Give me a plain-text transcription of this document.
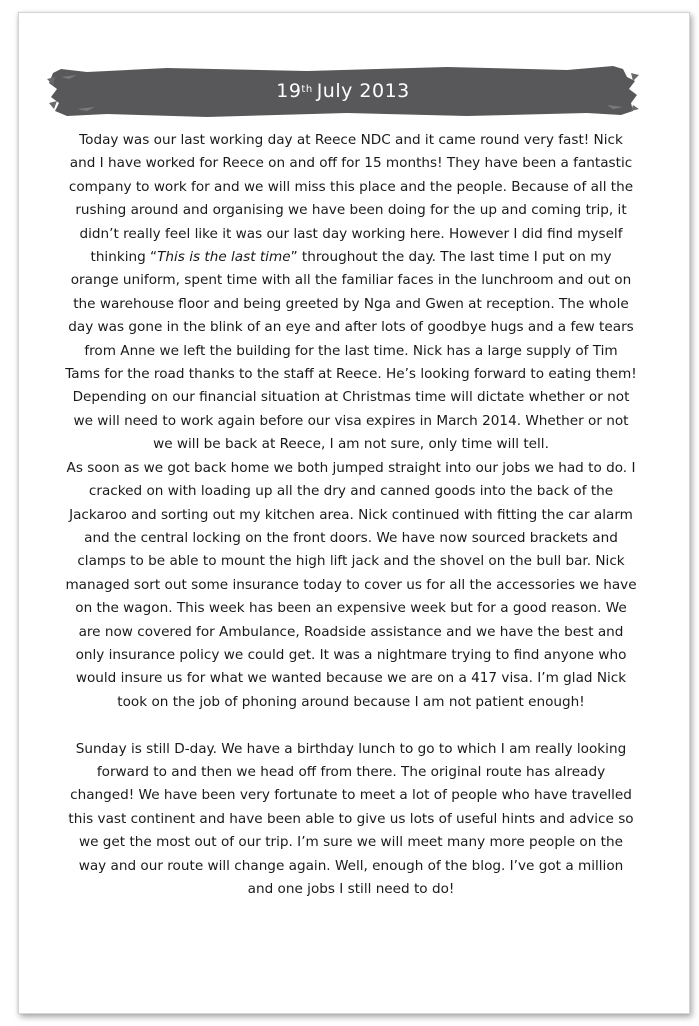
19th July 2013

Today was our last working day at Reece NDC and it came round very fast! Nick and I have worked for Reece on and off for 15 months! They have been a fantastic company to work for and we will miss this place and the people. Because of all the rushing around and organising we have been doing for the up and coming trip, it didn’t really feel like it was our last day working here. However I did find myself thinking “This is the last time” throughout the day. The last time I put on my orange uniform, spent time with all the familiar faces in the lunchroom and out on the warehouse floor and being greeted by Nga and Gwen at reception. The whole day was gone in the blink of an eye and after lots of goodbye hugs and a few tears from Anne we left the building for the last time. Nick has a large supply of Tim Tams for the road thanks to the staff at Reece. He’s looking forward to eating them! Depending on our financial situation at Christmas time will dictate whether or not we will need to work again before our visa expires in March 2014. Whether or not we will be back at Reece, I am not sure, only time will tell.

As soon as we got back home we both jumped straight into our jobs we had to do. I cracked on with loading up all the dry and canned goods into the back of the Jackaroo and sorting out my kitchen area. Nick continued with fitting the car alarm and the central locking on the front doors. We have now sourced brackets and clamps to be able to mount the high lift jack and the shovel on the bull bar. Nick managed sort out some insurance today to cover us for all the accessories we have on the wagon. This week has been an expensive week but for a good reason. We are now covered for Ambulance, Roadside assistance and we have the best and only insurance policy we could get. It was a nightmare trying to find anyone who would insure us for what we wanted because we are on a 417 visa. I’m glad Nick took on the job of phoning around because I am not patient enough!

Sunday is still D-day. We have a birthday lunch to go to which I am really looking forward to and then we head off from there. The original route has already changed! We have been very fortunate to meet a lot of people who have travelled this vast continent and have been able to give us lots of useful hints and advice so we get the most out of our trip. I’m sure we will meet many more people on the way and our route will change again. Well, enough of the blog. I’ve got a million and one jobs I still need to do!
